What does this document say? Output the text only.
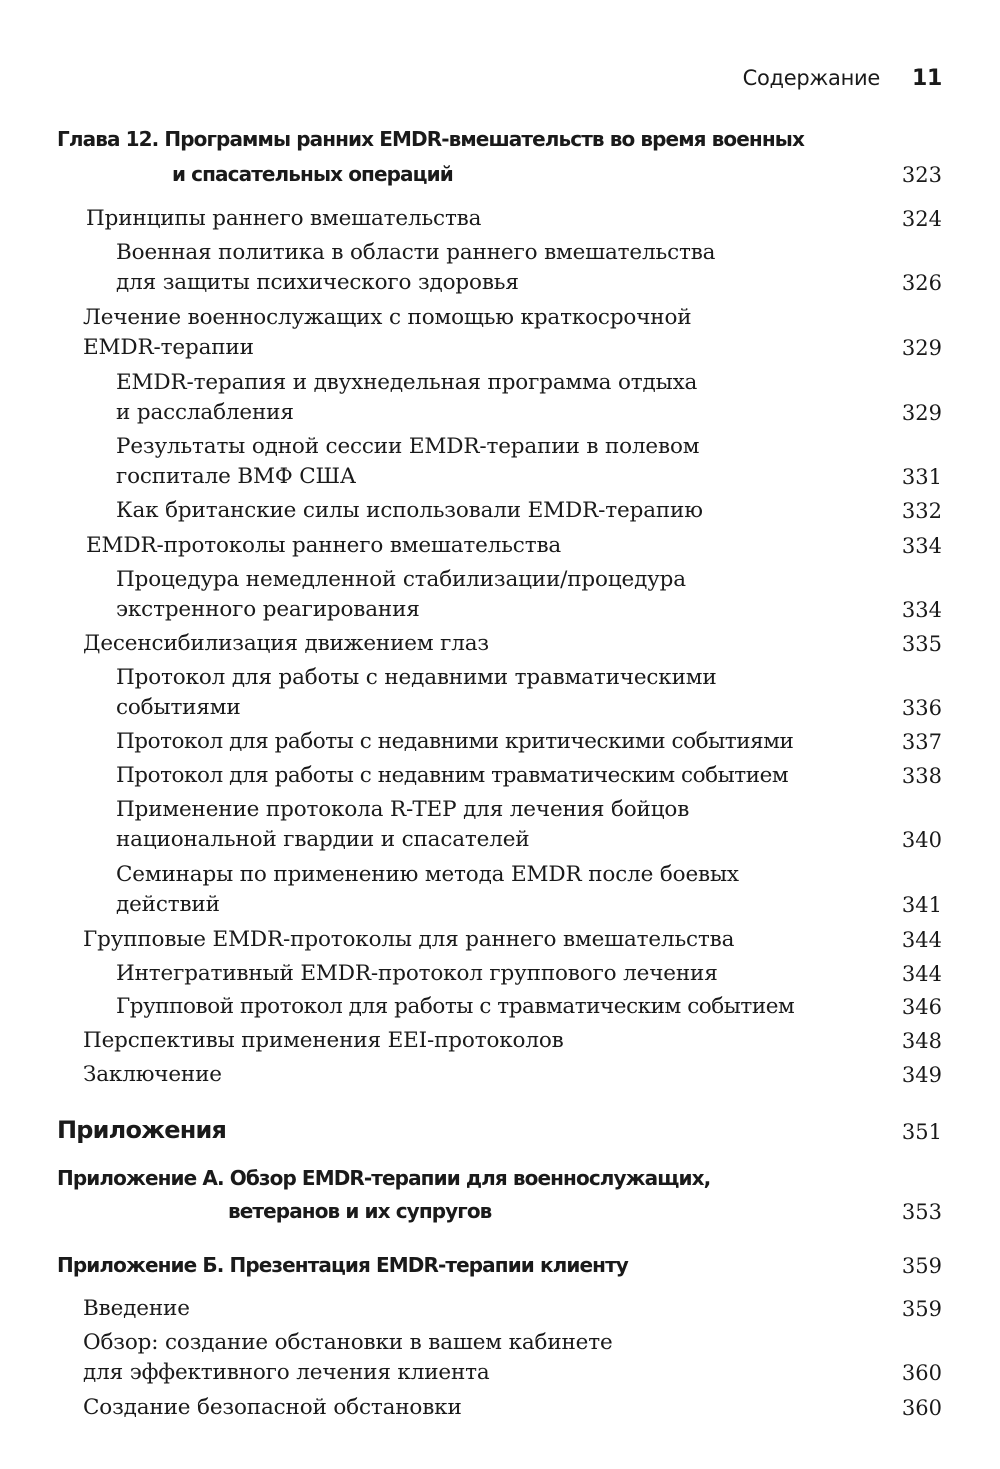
Содержание 11
Глава 12. Программы ранних EMDR-вмешательств во время военных
и спасательных операций	323
Принципы раннего вмешательства	324
Военная политика в области раннего вмешательства
для защиты психического здоровья	326
Лечение военнослужащих с помощью краткосрочной
EMDR-терапии	329
EMDR-терапия и двухнедельная программа отдыха
и расслабления	329
Результаты одной сессии EMDR-терапии в полевом
госпитале ВМФ США	331
Как британские силы использовали EMDR-терапию	332
EMDR-протоколы раннего вмешательства	334
Процедура немедленной стабилизации/процедура
экстренного реагирования	334
Десенсибилизация движением глаз	335
Протокол для работы с недавними травматическими
событиями	336
Протокол для работы с недавними критическими событиями	337
Протокол для работы с недавним травматическим событием	338
Применение протокола R-TEP для лечения бойцов
национальной гвардии и спасателей	340
Семинары по применению метода EMDR после боевых
действий	341
Групповые EMDR-протоколы для раннего вмешательства	344
Интегративный EMDR-протокол группового лечения	344
Групповой протокол для работы с травматическим событием	346
Перспективы применения EEI-протоколов	348
Заключение	349
Приложения	351
Приложение А. Обзор EMDR-терапии для военнослужащих,
ветеранов и их супругов	353
Приложение Б. Презентация EMDR-терапии клиенту	359
Введение	359
Обзор: создание обстановки в вашем кабинете
для эффективного лечения клиента	360
Создание безопасной обстановки	360
